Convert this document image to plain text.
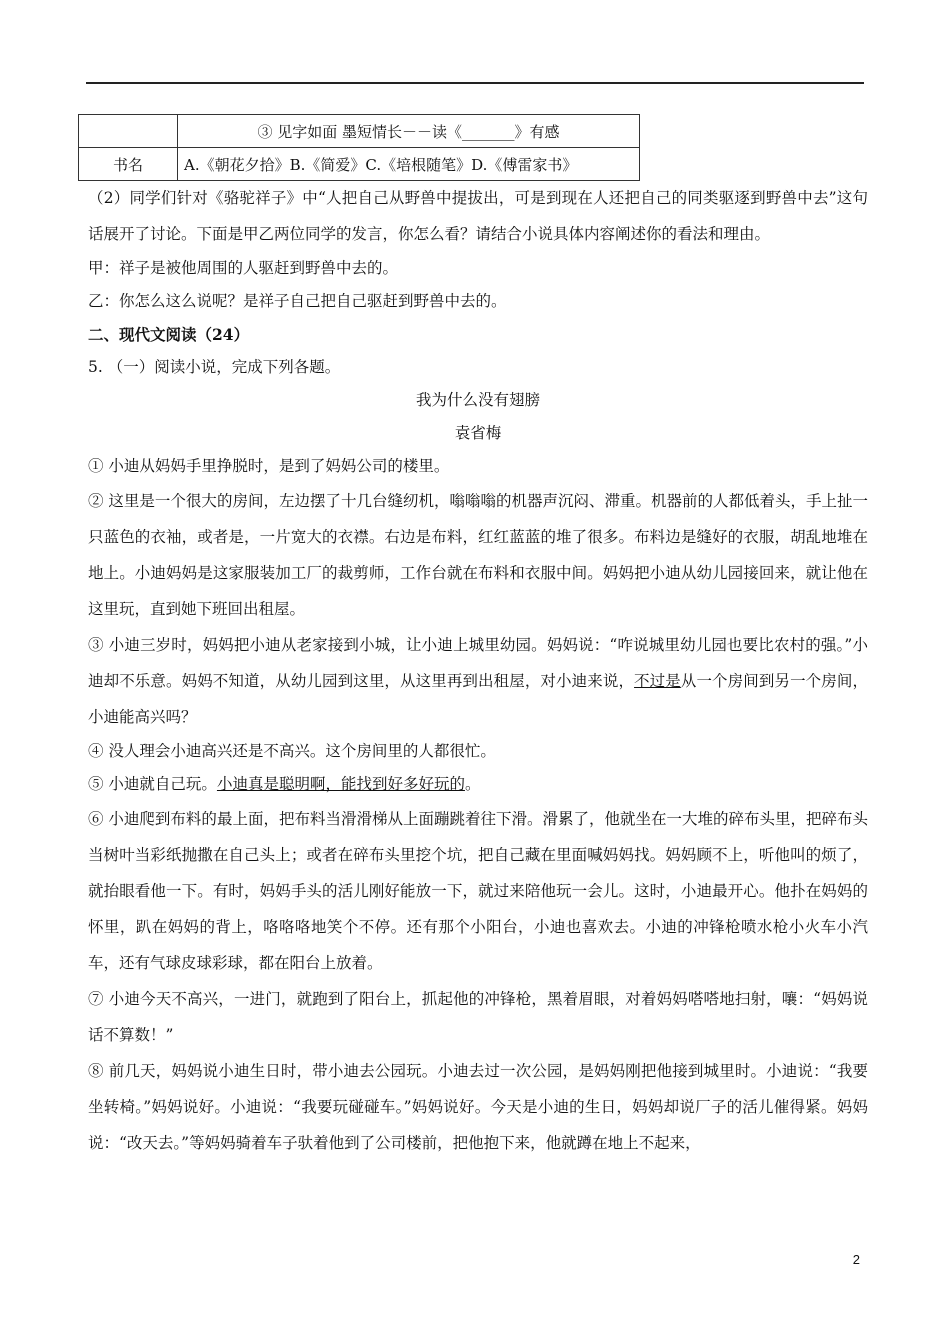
	③ 见字如面 墨短情长－－读《_______》有感
书名	A.《朝花夕拾》B.《简爱》C.《培根随笔》D.《傅雷家书》

（2）同学们针对《骆驼祥子》中“人把自己从野兽中提拔出，可是到现在人还把自己的同类驱逐到野兽中去”这句话展开了讨论。下面是甲乙两位同学的发言，你怎么看？请结合小说具体内容阐述你的看法和理由。

甲：祥子是被他周围的人驱赶到野兽中去的。

乙：你怎么这么说呢？是祥子自己把自己驱赶到野兽中去的。

二、现代文阅读（24）

5. （一）阅读小说，完成下列各题。

我为什么没有翅膀

袁省梅

① 小迪从妈妈手里挣脱时，是到了妈妈公司的楼里。

② 这里是一个很大的房间，左边摆了十几台缝纫机，嗡嗡嗡的机器声沉闷、滞重。机器前的人都低着头，手上扯一只蓝色的衣袖，或者是，一片宽大的衣襟。右边是布料，红红蓝蓝的堆了很多。布料边是缝好的衣服，胡乱地堆在地上。小迪妈妈是这家服装加工厂的裁剪师，工作台就在布料和衣服中间。妈妈把小迪从幼儿园接回来，就让他在这里玩，直到她下班回出租屋。

③ 小迪三岁时，妈妈把小迪从老家接到小城，让小迪上城里幼园。妈妈说：“咋说城里幼儿园也要比农村的强。”小迪却不乐意。妈妈不知道，从幼儿园到这里，从这里再到出租屋，对小迪来说，不过是从一个房间到另一个房间，小迪能高兴吗？

④ 没人理会小迪高兴还是不高兴。这个房间里的人都很忙。

⑤ 小迪就自己玩。小迪真是聪明啊，能找到好多好玩的。

⑥ 小迪爬到布料的最上面，把布料当滑滑梯从上面蹦跳着往下滑。滑累了，他就坐在一大堆的碎布头里，把碎布头当树叶当彩纸抛撒在自己头上；或者在碎布头里挖个坑，把自己藏在里面喊妈妈找。妈妈顾不上，听他叫的烦了，就抬眼看他一下。有时，妈妈手头的活儿刚好能放一下，就过来陪他玩一会儿。这时，小迪最开心。他扑在妈妈的怀里，趴在妈妈的背上，咯咯咯地笑个不停。还有那个小阳台，小迪也喜欢去。小迪的冲锋枪喷水枪小火车小汽车，还有气球皮球彩球，都在阳台上放着。

⑦ 小迪今天不高兴，一进门，就跑到了阳台上，抓起他的冲锋枪，黑着眉眼，对着妈妈嗒嗒地扫射，嚷：“妈妈说话不算数！”

⑧ 前几天，妈妈说小迪生日时，带小迪去公园玩。小迪去过一次公园，是妈妈刚把他接到城里时。小迪说：“我要坐转椅。”妈妈说好。小迪说：“我要玩碰碰车。”妈妈说好。今天是小迪的生日，妈妈却说厂子的活儿催得紧。妈妈说：“改天去。”等妈妈骑着车子驮着他到了公司楼前，把他抱下来，他就蹲在地上不起来，

2
